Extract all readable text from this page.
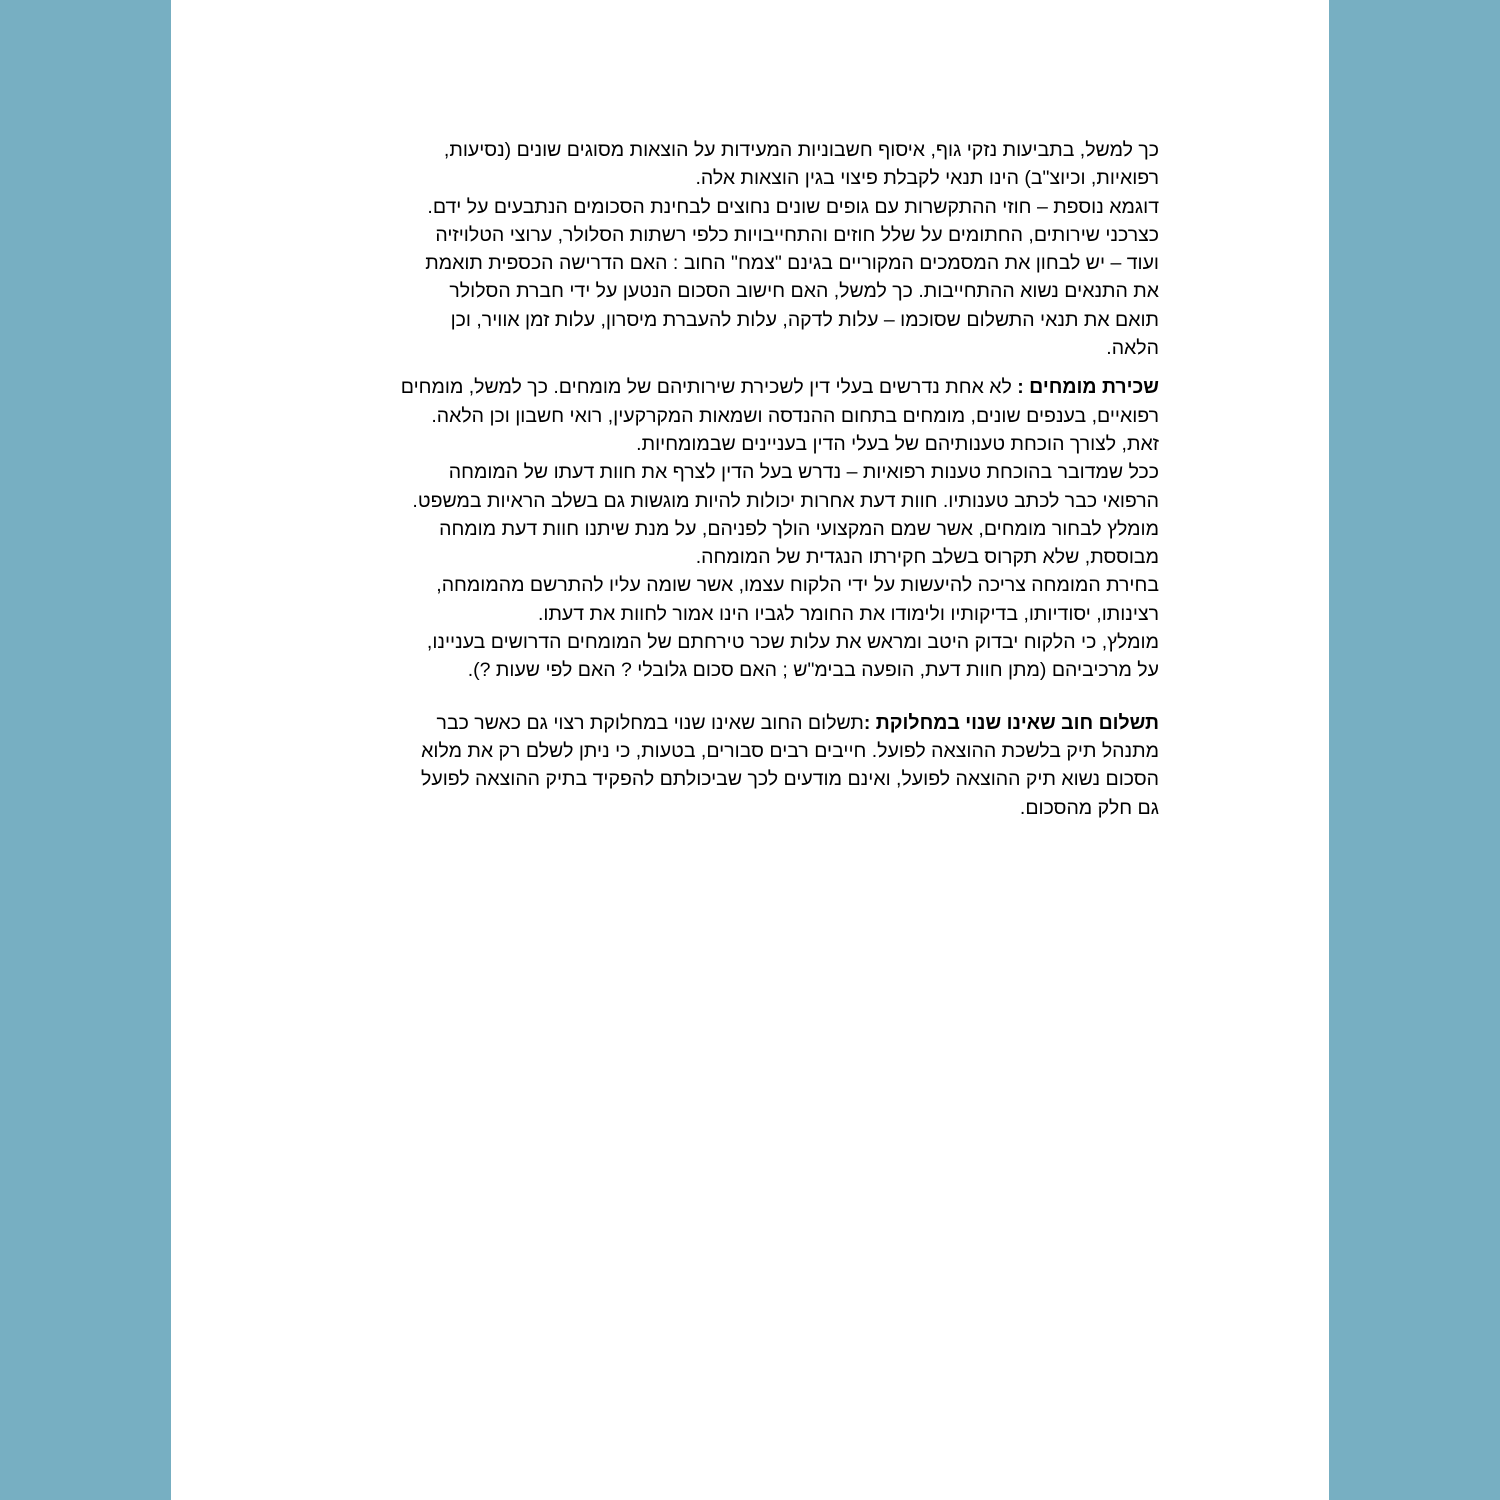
כך למשל, בתביעות נזקי גוף, איסוף חשבוניות המעידות על הוצאות מסוגים שונים (נסיעות,
רפואיות, וכיוצ"ב) הינו תנאי לקבלת פיצוי בגין הוצאות אלה.
דוגמא נוספת – חוזי ההתקשרות עם גופים שונים נחוצים לבחינת הסכומים הנתבעים על ידם.
כצרכני שירותים, החתומים על שלל חוזים והתחייבויות כלפי רשתות הסלולר, ערוצי הטלויזיה
ועוד – יש לבחון את המסמכים המקוריים בגינם "צמח" החוב : האם הדרישה הכספית תואמת
את התנאים נשוא ההתחייבות. כך למשל, האם חישוב הסכום הנטען על ידי חברת הסלולר
תואם את תנאי התשלום שסוכמו – עלות לדקה, עלות להעברת מיסרון, עלות זמן אוויר, וכן
הלאה.
שכירת מומחים : לא אחת נדרשים בעלי דין לשכירת שירותיהם של מומחים. כך למשל, מומחים
רפואיים, בענפים שונים, מומחים בתחום ההנדסה ושמאות המקרקעין, רואי חשבון וכן הלאה.
זאת, לצורך הוכחת טענותיהם של בעלי הדין בעניינים שבמומחיות.
ככל שמדובר בהוכחת טענות רפואיות – נדרש בעל הדין לצרף את חוות דעתו של המומחה
הרפואי כבר לכתב טענותיו. חוות דעת אחרות יכולות להיות מוגשות גם בשלב הראיות במשפט.
מומלץ לבחור מומחים, אשר שמם המקצועי הולך לפניהם, על מנת שיתנו חוות דעת מומחה
מבוססת, שלא תקרוס בשלב חקירתו הנגדית של המומחה.
בחירת המומחה צריכה להיעשות על ידי הלקוח עצמו, אשר שומה עליו להתרשם מהמומחה,
רצינותו, יסודיותו, בדיקותיו ולימודו את החומר לגביו הינו אמור לחוות את דעתו.
מומלץ, כי הלקוח יבדוק היטב ומראש את עלות שכר טירחתם של המומחים הדרושים בעניינו,
על מרכיביהם (מתן חוות דעת, הופעה בבימ"ש ; האם סכום גלובלי ? האם לפי שעות ?).
תשלום חוב שאינו שנוי במחלוקת :תשלום החוב שאינו שנוי במחלוקת רצוי גם כאשר כבר
מתנהל תיק בלשכת ההוצאה לפועל. חייבים רבים סבורים, בטעות, כי ניתן לשלם רק את מלוא
הסכום נשוא תיק ההוצאה לפועל, ואינם מודעים לכך שביכולתם להפקיד בתיק ההוצאה לפועל
גם חלק מהסכום.
